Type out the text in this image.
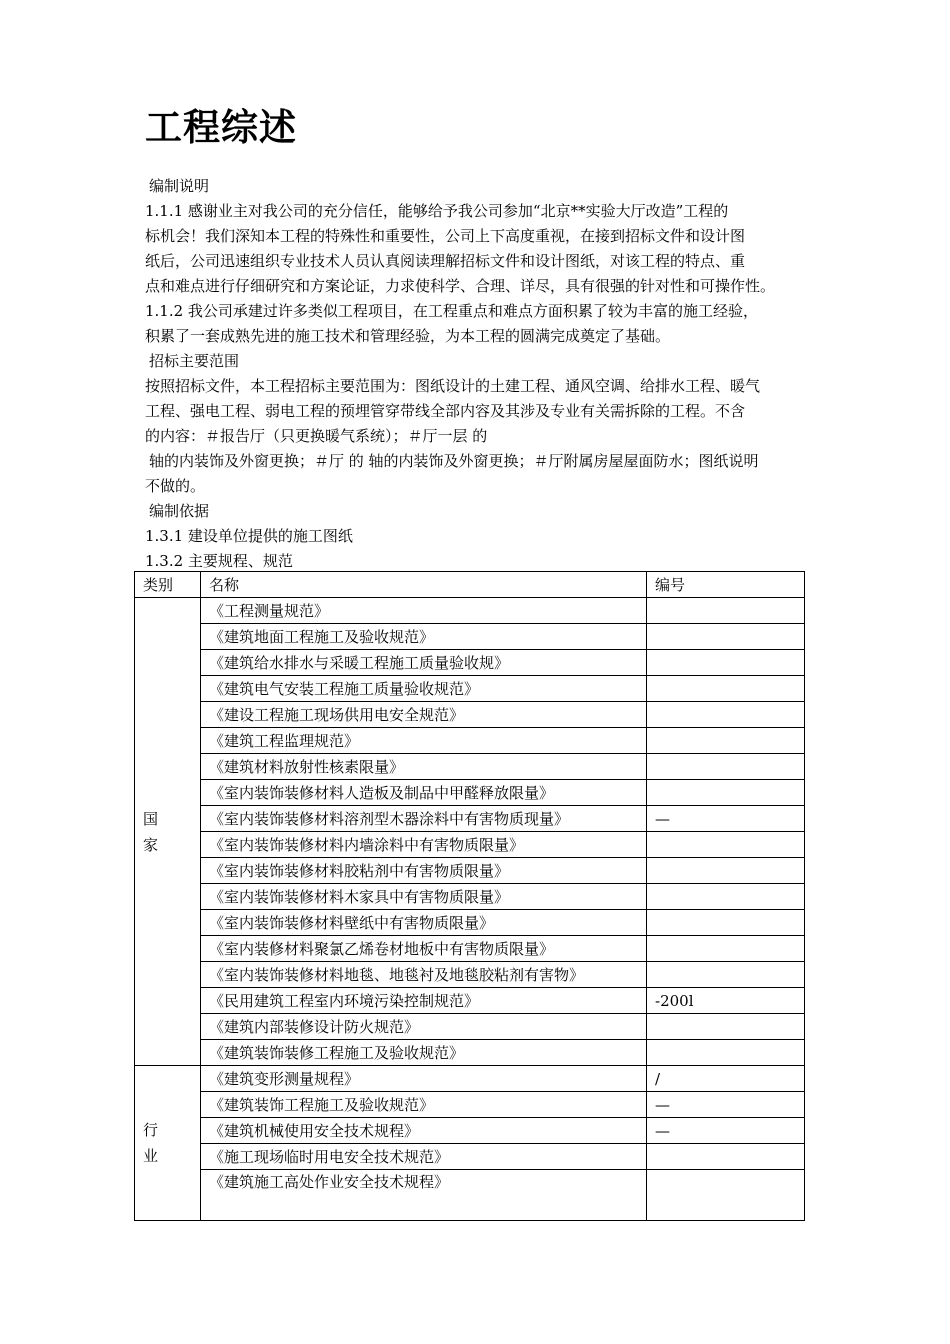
工程综述

编制说明

1.1.1 感谢业主对我公司的充分信任，能够给予我公司参加“北京**实验大厅改造”工程的

标机会！我们深知本工程的特殊性和重要性，公司上下高度重视，在接到招标文件和设计图

纸后，公司迅速组织专业技术人员认真阅读理解招标文件和设计图纸，对该工程的特点、重

点和难点进行仔细研究和方案论证，力求使科学、合理、详尽，具有很强的针对性和可操作性。

1.1.2 我公司承建过许多类似工程项目，在工程重点和难点方面积累了较为丰富的施工经验，

积累了一套成熟先进的施工技术和管理经验，为本工程的圆满完成奠定了基础。

招标主要范围

按照招标文件，本工程招标主要范围为：图纸设计的土建工程、通风空调、给排水工程、暖气

工程、强电工程、弱电工程的预埋管穿带线全部内容及其涉及专业有关需拆除的工程。不含

的内容：＃报告厅（只更换暖气系统）；＃厅一层 的

轴的内装饰及外窗更换；＃厅 的 轴的内装饰及外窗更换；＃厅附属房屋屋面防水；图纸说明

不做的。

编制依据

1.3.1 建设单位提供的施工图纸

1.3.2 主要规程、规范

类别	名称	编号

国
家	《工程测量规范》	
	《建筑地面工程施工及验收规范》	
	《建筑给水排水与采暖工程施工质量验收规》	
	《建筑电气安装工程施工质量验收规范》	
	《建设工程施工现场供用电安全规范》	
	《建筑工程监理规范》	
	《建筑材料放射性核素限量》	
	《室内装饰装修材料人造板及制品中甲醛释放限量》	
	《室内装饰装修材料溶剂型木器涂料中有害物质现量》	—
	《室内装饰装修材料内墙涂料中有害物质限量》	
	《室内装饰装修材料胶粘剂中有害物质限量》	
	《室内装饰装修材料木家具中有害物质限量》	
	《室内装饰装修材料壁纸中有害物质限量》	
	《室内装修材料聚氯乙烯卷材地板中有害物质限量》	
	《室内装饰装修材料地毯、地毯衬及地毯胶粘剂有害物》	
	《民用建筑工程室内环境污染控制规范》	-200l
	《建筑内部装修设计防火规范》	
	《建筑装饰装修工程施工及验收规范》	

行
业	《建筑变形测量规程》	/
	《建筑装饰工程施工及验收规范》	—
	《建筑机械使用安全技术规程》	—
	《施工现场临时用电安全技术规范》	
	《建筑施工高处作业安全技术规程》	
